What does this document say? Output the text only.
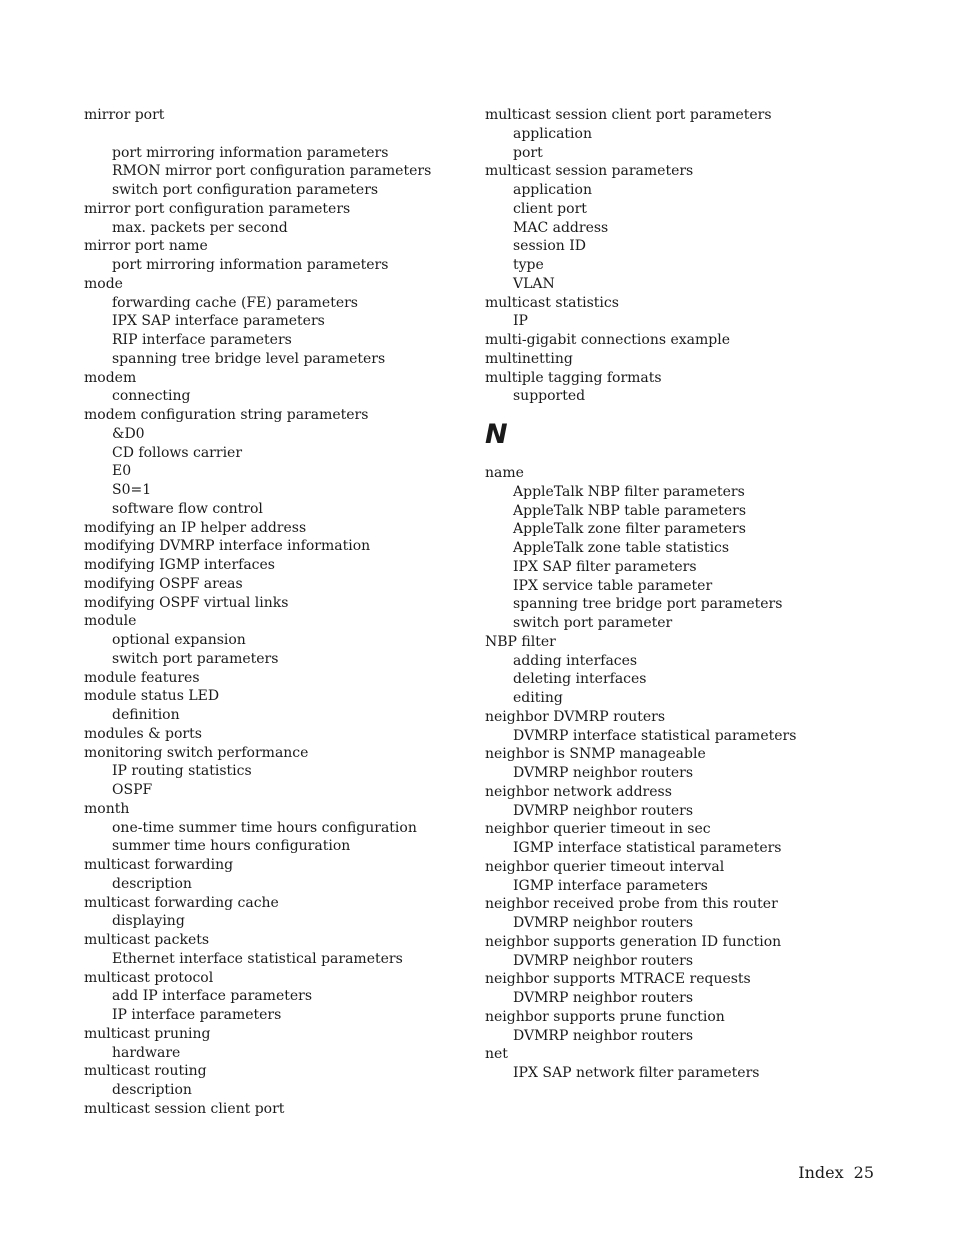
mirror port
port mirroring information parameters
RMON mirror port configuration parameters
switch port configuration parameters
mirror port configuration parameters
max. packets per second
mirror port name
port mirroring information parameters
mode
forwarding cache (FE) parameters
IPX SAP interface parameters
RIP interface parameters
spanning tree bridge level parameters
modem
connecting
modem configuration string parameters
&D0
CD follows carrier
E0
S0=1
software flow control
modifying an IP helper address
modifying DVMRP interface information
modifying IGMP interfaces
modifying OSPF areas
modifying OSPF virtual links
module
optional expansion
switch port parameters
module features
module status LED
definition
modules & ports
monitoring switch performance
IP routing statistics
OSPF
month
one-time summer time hours configuration
summer time hours configuration
multicast forwarding
description
multicast forwarding cache
displaying
multicast packets
Ethernet interface statistical parameters
multicast protocol
add IP interface parameters
IP interface parameters
multicast pruning
hardware
multicast routing
description
multicast session client port
multicast session client port parameters
application
port
multicast session parameters
application
client port
MAC address
session ID
type
VLAN
multicast statistics
IP
multi-gigabit connections example
multinetting
multiple tagging formats
supported
N
name
AppleTalk NBP filter parameters
AppleTalk NBP table parameters
AppleTalk zone filter parameters
AppleTalk zone table statistics
IPX SAP filter parameters
IPX service table parameter
spanning tree bridge port parameters
switch port parameter
NBP filter
adding interfaces
deleting interfaces
editing
neighbor DVMRP routers
DVMRP interface statistical parameters
neighbor is SNMP manageable
DVMRP neighbor routers
neighbor network address
DVMRP neighbor routers
neighbor querier timeout in sec
IGMP interface statistical parameters
neighbor querier timeout interval
IGMP interface parameters
neighbor received probe from this router
DVMRP neighbor routers
neighbor supports generation ID function
DVMRP neighbor routers
neighbor supports MTRACE requests
DVMRP neighbor routers
neighbor supports prune function
DVMRP neighbor routers
net
IPX SAP network filter parameters
Index 25
